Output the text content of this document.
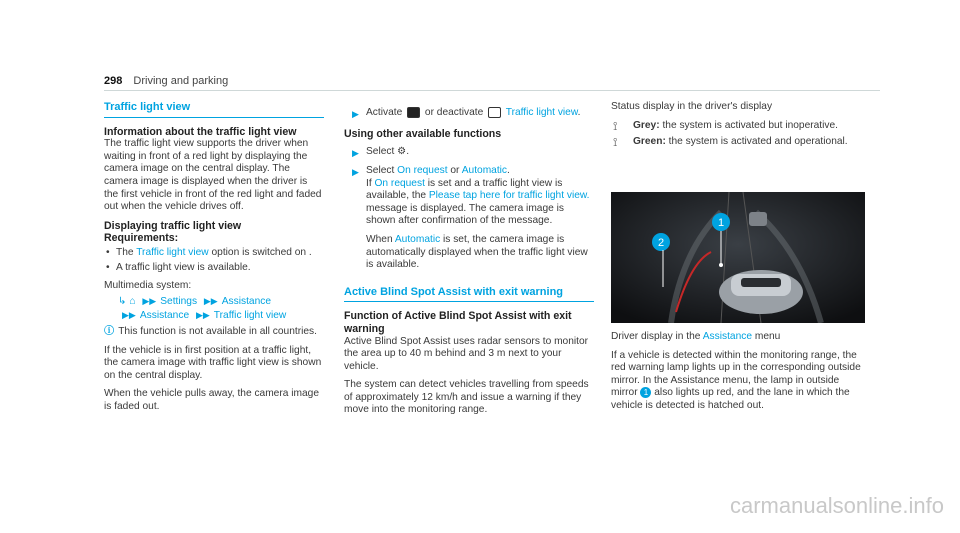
298 Driving and parking
Traffic light view
Information about the traffic light view

The traffic light view supports the driver when waiting in front of a red light by displaying the camera image on the central display. The camera image is displayed when the driver is the first vehicle in front of the red light and faded out when the vehicle drives off.

Displaying traffic light view
Requirements:
• The Traffic light view option is switched on .
• A traffic light view is available.

Multimedia system:

↳ ⌂ ▶▶ Settings ▶▶ Assistance
▶▶ Assistance ▶▶ Traffic light view

ⓘ This function is not available in all countries.

If the vehicle is in first position at a traffic light, the camera image with traffic light view is shown on the central display.

When the vehicle pulls away, the camera image is faded out.

▶ Activate  or deactivate  Traffic light view.
Using other available functions
▶ Select ⚙.
▶ Select On request or Automatic.
If On request is set and a traffic light view is available, the Please tap here for traffic light view. message is displayed. The camera image is shown after confirmation of the message.

When Automatic is set, the camera image is automatically displayed when the traffic light view is available.

Active Blind Spot Assist with exit warning
Function of Active Blind Spot Assist with exit warning

Active Blind Spot Assist uses radar sensors to monitor the area up to 40 m behind and 3 m next to your vehicle.

The system can detect vehicles travelling from speeds of approximately 12 km/h and issue a warning if they move into the monitoring range.

Status display in the driver's display

⟟ Grey: the system is activated but inoperative.
⟟ Green: the system is activated and operational.
2
1

Driver display in the Assistance menu

If a vehicle is detected within the monitoring range, the red warning lamp lights up in the corresponding outside mirror. In the Assistance menu, the lamp in outside mirror 1 also lights up red, and the lane in which the vehicle is detected is hatched out.

carmanualsonline.info
